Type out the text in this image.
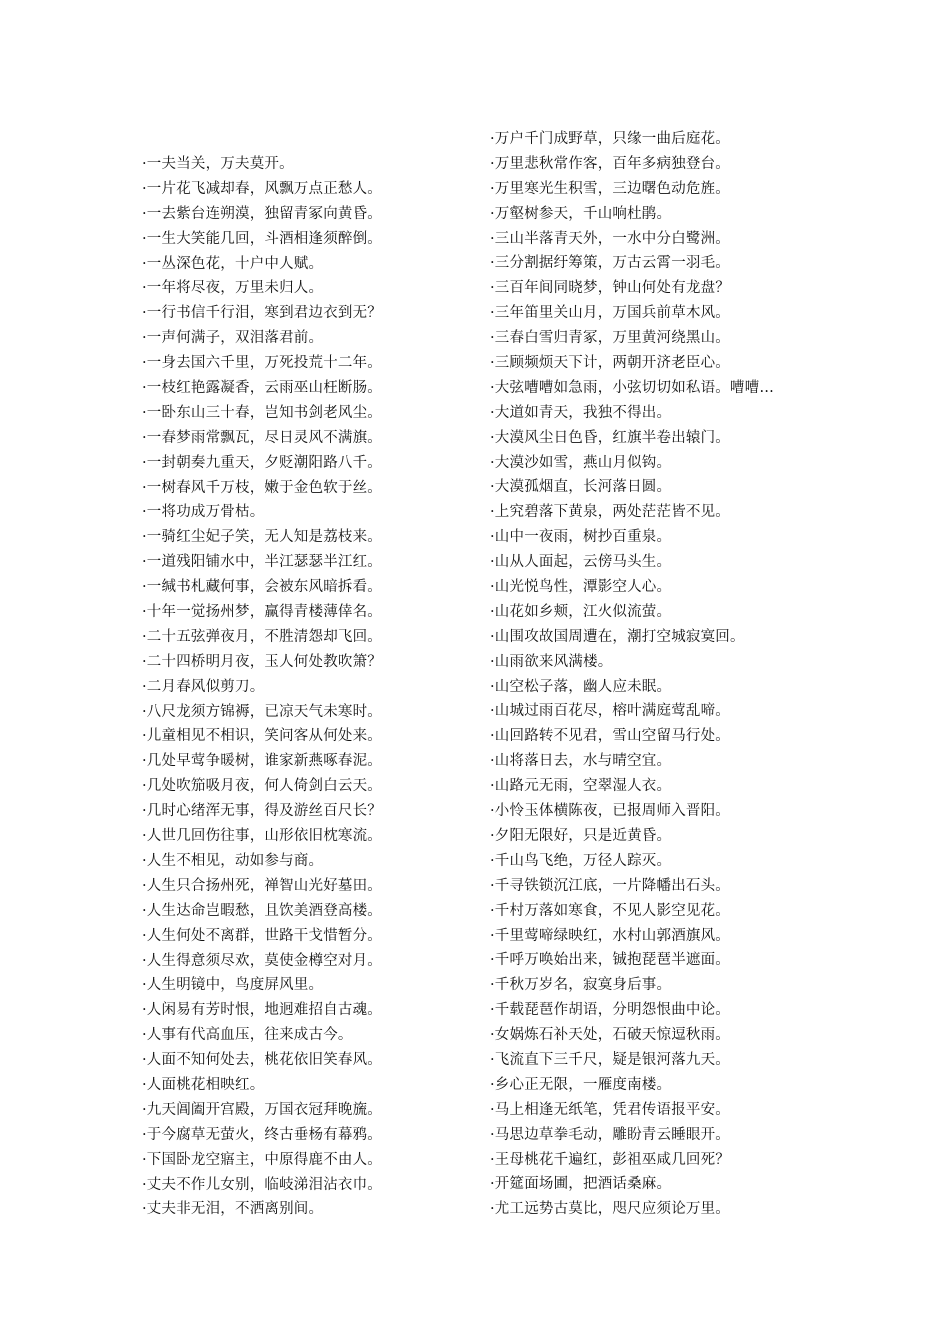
·一夫当关，万夫莫开。
·一片花飞减却春，风飘万点正愁人。
·一去紫台连朔漠，独留青冢向黄昏。
·一生大笑能几回，斗酒相逢须醉倒。
·一丛深色花，十户中人赋。
·一年将尽夜，万里未归人。
·一行书信千行泪，寒到君边衣到无？
·一声何满子，双泪落君前。
·一身去国六千里，万死投荒十二年。
·一枝红艳露凝香，云雨巫山枉断肠。
·一卧东山三十春，岂知书剑老风尘。
·一春梦雨常飘瓦，尽日灵风不满旗。
·一封朝奏九重天，夕贬潮阳路八千。
·一树春风千万枝，嫩于金色软于丝。
·一将功成万骨枯。
·一骑红尘妃子笑，无人知是荔枝来。
·一道残阳铺水中，半江瑟瑟半江红。
·一缄书札藏何事，会被东风暗拆看。
·十年一觉扬州梦，赢得青楼薄倖名。
·二十五弦弹夜月，不胜清怨却飞回。
·二十四桥明月夜，玉人何处教吹箫？
·二月春风似剪刀。
·八尺龙须方锦褥，已凉天气未寒时。
·儿童相见不相识，笑问客从何处来。
·几处早莺争暖树，谁家新燕啄春泥。
·几处吹笳吸月夜，何人倚剑白云天。
·几时心绪浑无事，得及游丝百尺长？
·人世几回伤往事，山形依旧枕寒流。
·人生不相见，动如参与商。
·人生只合扬州死，禅智山光好墓田。
·人生达命岂暇愁，且饮美酒登高楼。
·人生何处不离群，世路干戈惜暂分。
·人生得意须尽欢，莫使金樽空对月。
·人生明镜中，鸟度屏风里。
·人闲易有芳时恨，地迥难招自古魂。
·人事有代高血压，往来成古今。
·人面不知何处去，桃花依旧笑春风。
·人面桃花相映红。
·九天阊阖开宫殿，万国衣冠拜晚旒。
·于今腐草无萤火，终古垂杨有幕鸦。
·下国卧龙空寤主，中原得鹿不由人。
·丈夫不作儿女别，临岐涕泪沾衣巾。
·丈夫非无泪，不洒离别间。
·万户千门成野草，只缘一曲后庭花。
·万里悲秋常作客，百年多病独登台。
·万里寒光生积雪，三边曙色动危旌。
·万壑树参天，千山响杜鹃。
·三山半落青天外，一水中分白鹭洲。
·三分割据纡筹策，万古云霄一羽毛。
·三百年间同晓梦，钟山何处有龙盘？
·三年笛里关山月，万国兵前草木风。
·三春白雪归青冢，万里黄河绕黑山。
·三顾频烦天下计，两朝开济老臣心。
·大弦嘈嘈如急雨，小弦切切如私语。嘈嘈…
·大道如青天，我独不得出。
·大漠风尘日色昏，红旗半卷出辕门。
·大漠沙如雪，燕山月似钩。
·大漠孤烟直，长河落日圆。
·上究碧落下黄泉，两处茫茫皆不见。
·山中一夜雨，树抄百重泉。
·山从人面起，云傍马头生。
·山光悦鸟性，潭影空人心。
·山花如乡颊，江火似流萤。
·山围攻故国周遭在，潮打空城寂寞回。
·山雨欲来风满楼。
·山空松子落，幽人应未眠。
·山城过雨百花尽，榕叶满庭莺乱啼。
·山回路转不见君，雪山空留马行处。
·山将落日去，水与晴空宜。
·山路元无雨，空翠湿人衣。
·小怜玉体横陈夜，已报周师入晋阳。
·夕阳无限好，只是近黄昏。
·千山鸟飞绝，万径人踪灭。
·千寻铁锁沉江底，一片降幡出石头。
·千村万落如寒食，不见人影空见花。
·千里莺啼绿映红，水村山郭酒旗风。
·千呼万唤始出来，铖抱琵琶半遮面。
·千秋万岁名，寂寞身后事。
·千载琵琶作胡语，分明怨恨曲中论。
·女娲炼石补天处，石破天惊逗秋雨。
·飞流直下三千尺，疑是银河落九天。
·乡心正无限，一雁度南楼。
·马上相逢无纸笔，凭君传语报平安。
·马思边草拳毛动，雕盼青云睡眼开。
·王母桃花千遍红，彭祖巫咸几回死？
·开筵面场圃，把酒话桑麻。
·尤工远势古莫比，咫尺应须论万里。
